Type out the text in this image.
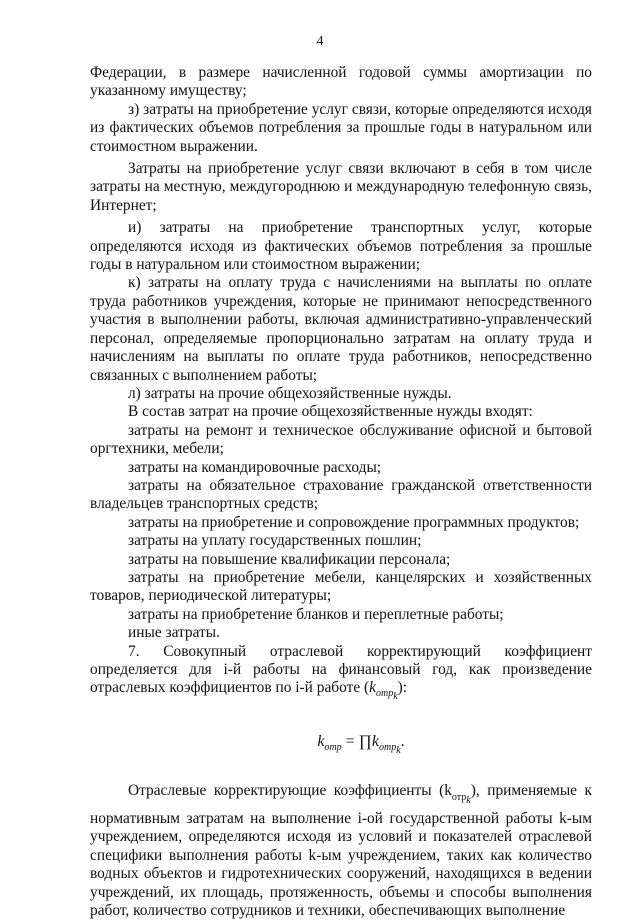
4

Федерации, в размере начисленной годовой суммы амортизации по указанному имуществу;

з) затраты на приобретение услуг связи, которые определяются исходя из фактических объемов потребления за прошлые годы в натуральном или стоимостном выражении.

Затраты на приобретение услуг связи включают в себя в том числе затраты на местную, междугороднюю и международную телефонную связь, Интернет;

и) затраты на приобретение транспортных услуг, которые определяются исходя из фактических объемов потребления за прошлые годы в натуральном или стоимостном выражении;

к) затраты на оплату труда с начислениями на выплаты по оплате труда работников учреждения, которые не принимают непосредственного участия в выполнении работы, включая административно-управленческий персонал, определяемые пропорционально затратам на оплату труда и начислениям на выплаты по оплате труда работников, непосредственно связанных с выполнением работы;

л) затраты на прочие общехозяйственные нужды.

В состав затрат на прочие общехозяйственные нужды входят:

затраты на ремонт и техническое обслуживание офисной и бытовой оргтехники, мебели;

затраты на командировочные расходы;

затраты на обязательное страхование гражданской ответственности владельцев транспортных средств;

затраты на приобретение и сопровождение программных продуктов;

затраты на уплату государственных пошлин;

затраты на повышение квалификации персонала;

затраты на приобретение мебели, канцелярских и хозяйственных товаров, периодической литературы;

затраты на приобретение бланков и переплетные работы;

иные затраты.

7. Совокупный отраслевой корректирующий коэффициент определяется для i-й работы на финансовый год, как произведение отраслевых коэффициентов по i-й работе $(k_{отр_k})$:

$k_{отр}$ = $\prod k_{отр_k}$.

Отраслевые корректирующие коэффициенты $(k_{отр_k})$, применяемые к нормативным затратам на выполнение i-ой государственной работы k-ым учреждением, определяются исходя из условий и показателей отраслевой специфики выполнения работы k-ым учреждением, таких как количество водных объектов и гидротехнических сооружений, находящихся в ведении учреждений, их площадь, протяженность, объемы и способы выполнения работ, количество сотрудников и техники, обеспечивающих выполнение
